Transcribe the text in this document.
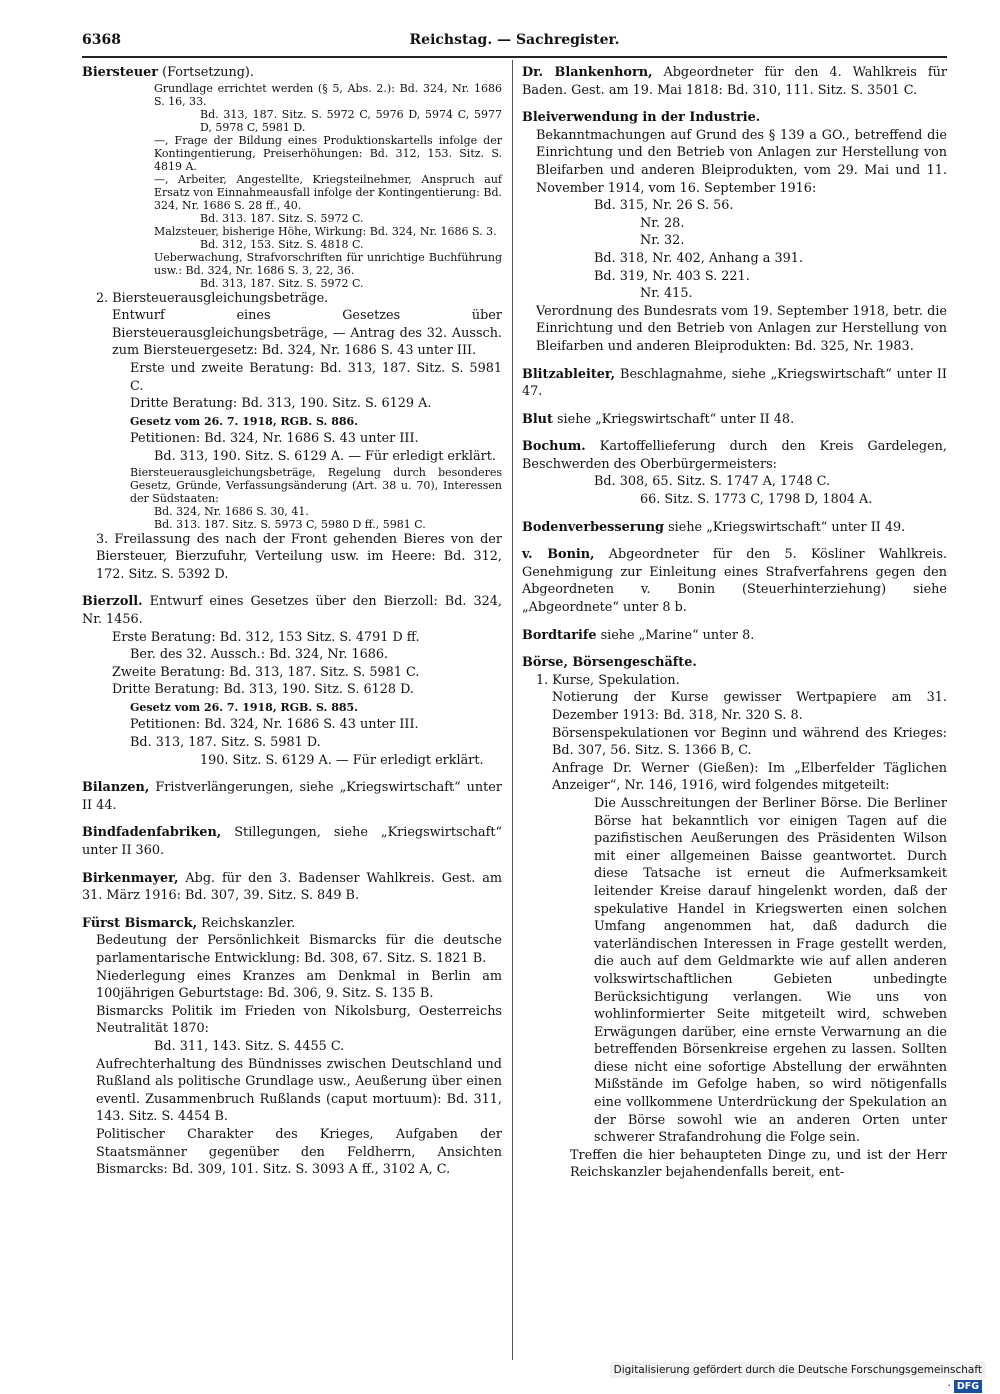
6368	Reichstag. — Sachregister.

Biersteuer (Fortsetzung).

Grundlage errichtet werden (§ 5, Abs. 2.): Bd. 324, Nr. 1686 S. 16, 33.

Bd. 313, 187. Sitz. S. 5972 C, 5976 D, 5974 C, 5977 D, 5978 C, 5981 D.

—, Frage der Bildung eines Produktionskartells infolge der Kontingentierung, Preiserhöhungen: Bd. 312, 153. Sitz. S. 4819 A.

—, Arbeiter, Angestellte, Kriegsteilnehmer, Anspruch auf Ersatz von Einnahmeausfall infolge der Kontingentierung: Bd. 324, Nr. 1686 S. 28 ff., 40.

Bd. 313. 187. Sitz. S. 5972 C.

Malzsteuer, bisherige Höhe, Wirkung: Bd. 324, Nr. 1686 S. 3.

Bd. 312, 153. Sitz. S. 4818 C.

Ueberwachung, Strafvorschriften für unrichtige Buchführung usw.: Bd. 324, Nr. 1686 S. 3, 22, 36.

Bd. 313, 187. Sitz. S. 5972 C.

2. Biersteuerausgleichungsbeträge.

Entwurf eines Gesetzes über Biersteuerausgleichungsbeträge, — Antrag des 32. Aussch. zum Biersteuergesetz: Bd. 324, Nr. 1686 S. 43 unter III.

Erste und zweite Beratung: Bd. 313, 187. Sitz. S. 5981 C.

Dritte Beratung: Bd. 313, 190. Sitz. S. 6129 A.

Gesetz vom 26. 7. 1918, RGB. S. 886.

Petitionen: Bd. 324, Nr. 1686 S. 43 unter III.

Bd. 313, 190. Sitz. S. 6129 A. — Für erledigt erklärt.

Biersteuerausgleichungsbeträge, Regelung durch besonderes Gesetz, Gründe, Verfassungsänderung (Art. 38 u. 70), Interessen der Südstaaten:

Bd. 324, Nr. 1686 S. 30, 41.

Bd. 313. 187. Sitz. S. 5973 C, 5980 D ff., 5981 C.

3. Freilassung des nach der Front gehenden Bieres von der Biersteuer, Bierzufuhr, Verteilung usw. im Heere: Bd. 312, 172. Sitz. S. 5392 D.

Bierzoll. Entwurf eines Gesetzes über den Bierzoll: Bd. 324, Nr. 1456.

Erste Beratung: Bd. 312, 153 Sitz. S. 4791 D ff.

Ber. des 32. Aussch.: Bd. 324, Nr. 1686.

Zweite Beratung: Bd. 313, 187. Sitz. S. 5981 C.

Dritte Beratung: Bd. 313, 190. Sitz. S. 6128 D.

Gesetz vom 26. 7. 1918, RGB. S. 885.

Petitionen: Bd. 324, Nr. 1686 S. 43 unter III.

Bd. 313, 187. Sitz. S. 5981 D.

190. Sitz. S. 6129 A. — Für erledigt erklärt.

Bilanzen, Fristverlängerungen, siehe „Kriegswirtschaft“ unter II 44.

Bindfadenfabriken, Stillegungen, siehe „Kriegswirtschaft“ unter II 360.

Birkenmayer, Abg. für den 3. Badenser Wahlkreis. Gest. am 31. März 1916: Bd. 307, 39. Sitz. S. 849 B.

Fürst Bismarck, Reichskanzler.

Bedeutung der Persönlichkeit Bismarcks für die deutsche parlamentarische Entwicklung: Bd. 308, 67. Sitz. S. 1821 B.

Niederlegung eines Kranzes am Denkmal in Berlin am 100jährigen Geburtstage: Bd. 306, 9. Sitz. S. 135 B.

Bismarcks Politik im Frieden von Nikolsburg, Oesterreichs Neutralität 1870:

Bd. 311, 143. Sitz. S. 4455 C.

Aufrechterhaltung des Bündnisses zwischen Deutschland und Rußland als politische Grundlage usw., Aeußerung über einen eventl. Zusammenbruch Rußlands (caput mortuum): Bd. 311, 143. Sitz. S. 4454 B.

Politischer Charakter des Krieges, Aufgaben der Staatsmänner gegenüber den Feldherrn, Ansichten Bismarcks: Bd. 309, 101. Sitz. S. 3093 A ff., 3102 A, C.

Dr. Blankenhorn, Abgeordneter für den 4. Wahlkreis für Baden. Gest. am 19. Mai 1818: Bd. 310, 111. Sitz. S. 3501 C.

Bleiverwendung in der Industrie.

Bekanntmachungen auf Grund des § 139 a GO., betreffend die Einrichtung und den Betrieb von Anlagen zur Herstellung von Bleifarben und anderen Bleiprodukten, vom 29. Mai und 11. November 1914, vom 16. September 1916:

Bd. 315, Nr. 26 S. 56.

Nr. 28.

Nr. 32.

Bd. 318, Nr. 402, Anhang a 391.

Bd. 319, Nr. 403 S. 221.

Nr. 415.

Verordnung des Bundesrats vom 19. September 1918, betr. die Einrichtung und den Betrieb von Anlagen zur Herstellung von Bleifarben und anderen Bleiprodukten: Bd. 325, Nr. 1983.

Blitzableiter, Beschlagnahme, siehe „Kriegswirtschaft“ unter II 47.

Blut siehe „Kriegswirtschaft“ unter II 48.

Bochum. Kartoffellieferung durch den Kreis Gardelegen, Beschwerden des Oberbürgermeisters:

Bd. 308, 65. Sitz. S. 1747 A, 1748 C.

66. Sitz. S. 1773 C, 1798 D, 1804 A.

Bodenverbesserung siehe „Kriegswirtschaft“ unter II 49.

v. Bonin, Abgeordneter für den 5. Kösliner Wahlkreis. Genehmigung zur Einleitung eines Strafverfahrens gegen den Abgeordneten v. Bonin (Steuerhinterziehung) siehe „Abgeordnete“ unter 8 b.

Bordtarife siehe „Marine“ unter 8.

Börse, Börsengeschäfte.

1. Kurse, Spekulation.

Notierung der Kurse gewisser Wertpapiere am 31. Dezember 1913: Bd. 318, Nr. 320 S. 8.

Börsenspekulationen vor Beginn und während des Krieges: Bd. 307, 56. Sitz. S. 1366 B, C.

Anfrage Dr. Werner (Gießen): Im „Elberfelder Täglichen Anzeiger“, Nr. 146, 1916, wird folgendes mitgeteilt:

Die Ausschreitungen der Berliner Börse. Die Berliner Börse hat bekanntlich vor einigen Tagen auf die pazifistischen Aeußerungen des Präsidenten Wilson mit einer allgemeinen Baisse geantwortet. Durch diese Tatsache ist erneut die Aufmerksamkeit leitender Kreise darauf hingelenkt worden, daß der spekulative Handel in Kriegswerten einen solchen Umfang angenommen hat, daß dadurch die vaterländischen Interessen in Frage gestellt werden, die auch auf dem Geldmarkte wie auf allen anderen volkswirtschaftlichen Gebieten unbedingte Berücksichtigung verlangen. Wie uns von wohlinformierter Seite mitgeteilt wird, schweben Erwägungen darüber, eine ernste Verwarnung an die betreffenden Börsenkreise ergehen zu lassen. Sollten diese nicht eine sofortige Abstellung der erwähnten Mißstände im Gefolge haben, so wird nötigenfalls eine vollkommene Unterdrückung der Spekulation an der Börse sowohl wie an anderen Orten unter schwerer Strafandrohung die Folge sein.

Treffen die hier behaupteten Dinge zu, und ist der Herr Reichskanzler bejahendenfalls bereit, ent-

Digitalisierung gefördert durch die Deutsche Forschungsgemeinschaft · DFG
